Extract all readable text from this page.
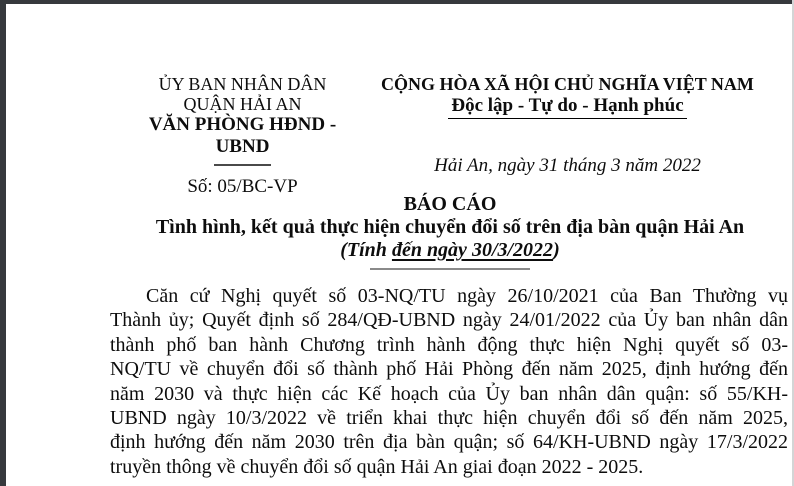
ỦY BAN NHÂN DÂN
QUẬN HẢI AN
VĂN PHÒNG HĐND - UBND
Số: 05/BC-VP
CỘNG HÒA XÃ HỘI CHỦ NGHĨA VIỆT NAM
Độc lập - Tự do - Hạnh phúc
Hải An, ngày 31 tháng 3 năm 2022
BÁO CÁO
Tình hình, kết quả thực hiện chuyển đổi số trên địa bàn quận Hải An
(Tính đến ngày 30/3/2022)
Căn cứ Nghị quyết số 03-NQ/TU ngày 26/10/2021 của Ban Thường vụ
Thành ủy; Quyết định số 284/QĐ-UBND ngày 24/01/2022 của Ủy ban nhân dân
thành phố ban hành Chương trình hành động thực hiện Nghị quyết số 03-
NQ/TU về chuyển đổi số thành phố Hải Phòng đến năm 2025, định hướng đến
năm 2030 và thực hiện các Kế hoạch của Ủy ban nhân dân quận: số 55/KH-
UBND ngày 10/3/2022 về triển khai thực hiện chuyển đổi số đến năm 2025,
định hướng đến năm 2030 trên địa bàn quận; số 64/KH-UBND ngày 17/3/2022
truyền thông về chuyển đổi số quận Hải An giai đoạn 2022 - 2025.
